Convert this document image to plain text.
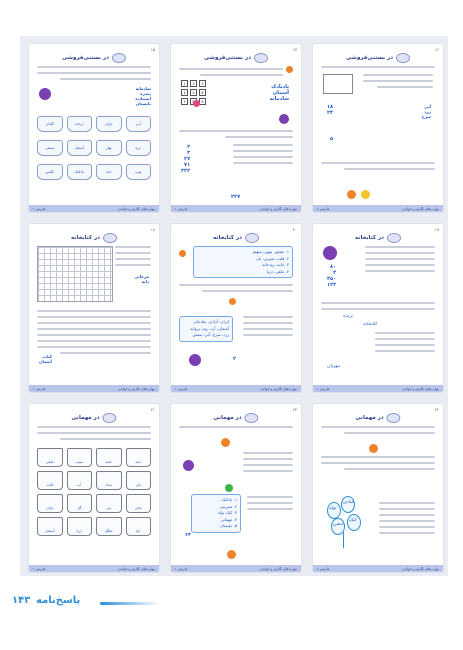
۱۵
در بستنی‌فروشی
شادمانه
پنجره
ایستادند
تابستان
گلدان	درخت	باران	آبی
بستنی	آسمان	بهار	دریا
کلاس	بادکنک	دانه	توپ
مهارت‌های نگارش و خواندن
فارسی ۱
۱۷
در بستنی‌فروشی
1	2	3
4	5	6
7	9
بادبادک
آسمان
شادمانه
۲
۳
۲۷
۷۱
۳۲۲
۲۳۷
مهارت‌های نگارش و خواندن
فارسی ۱
۱۶
در بستنی‌فروشی
۱۸
۲۴
۵
آبی
زرد
سرخ
مهارت‌های نگارش و خواندن
فارسی ۱
۱۸
در کتابخانه
مرغابی
دانه
کتاب
آسمان
مهارت‌های نگارش و خواندن
فارسی ۱
۲۰
در کتابخانه
۱. عشق، میهن، میهنم
۲. قلب، شیرین، نان
۳. خانه، رودخانه
۴. ماهی، دریا
ایران، آزادی، شادمان
آسمان، آب، رود، پروانه
زرد، سرخ، آبی، بنفش
۲
مهارت‌های نگارش و خواندن
فارسی ۱
۱۹
در کتابخانه
۸۰
۴
۴۵۰
۱۲۳
پرنده
کتابخانه
مهربان
مهارت‌های نگارش و خواندن
فارسی ۱
۲۱
در مهمانی
ماهی	سیب	خانه	دانه
کتاب	آب	مداد	نان
باران	گل	پدر	مادر
آسمان	دریا	جنگل	باغ
مهارت‌های نگارش و خواندن
فارسی ۱
۲۳
در مهمانی
۱. بادکنک
۲. شیرینی
۳. کیک تولد
۴. مهمانی
۵. دوستان
۶۳
مهارت‌های نگارش و خواندن
فارسی ۱
۲۲
در مهمانی
تولد
شادی
جشن
کیک
مهارت‌های نگارش و خواندن
فارسی ۱
پاسخ‌نامه
۱۴۳
